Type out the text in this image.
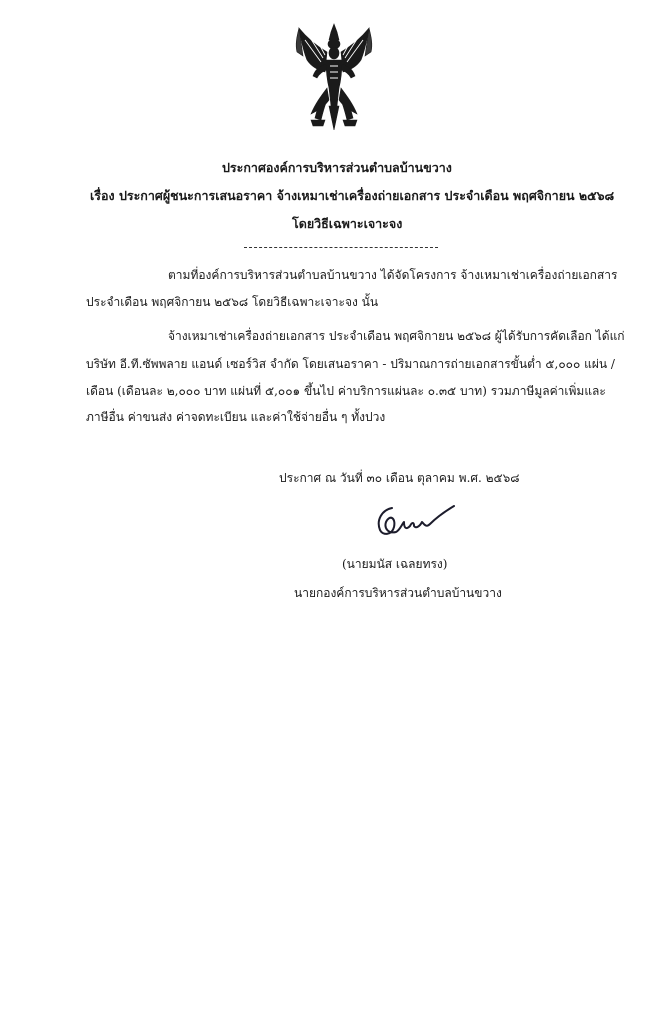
ประกาศองค์การบริหารส่วนตำบลบ้านขวาง
เรื่อง ประกาศผู้ชนะการเสนอราคา จ้างเหมาเช่าเครื่องถ่ายเอกสาร ประจำเดือน พฤศจิกายน ๒๕๖๘
โดยวิธีเฉพาะเจาะจง
ตามที่องค์การบริหารส่วนตำบลบ้านขวาง ได้จัดโครงการ จ้างเหมาเช่าเครื่องถ่ายเอกสาร
ประจำเดือน พฤศจิกายน ๒๕๖๘ โดยวิธีเฉพาะเจาะจง นั้น
จ้างเหมาเช่าเครื่องถ่ายเอกสาร ประจำเดือน พฤศจิกายน ๒๕๖๘ ผู้ได้รับการคัดเลือก ได้แก่
บริษัท อี.ที.ซัพพลาย แอนด์ เซอร์วิส จำกัด โดยเสนอราคา - ปริมาณการถ่ายเอกสารขั้นต่ำ ๕,๐๐๐ แผ่น /
เดือน (เดือนละ ๒,๐๐๐ บาท แผ่นที่ ๕,๐๐๑ ขึ้นไป ค่าบริการแผ่นละ ๐.๓๕ บาท) รวมภาษีมูลค่าเพิ่มและ
ภาษีอื่น ค่าขนส่ง ค่าจดทะเบียน และค่าใช้จ่ายอื่น ๆ ทั้งปวง
ประกาศ ณ วันที่ ๓๐ เดือน ตุลาคม พ.ศ. ๒๕๖๘
(นายมนัส เฉลยทรง)
นายกองค์การบริหารส่วนตำบลบ้านขวาง
